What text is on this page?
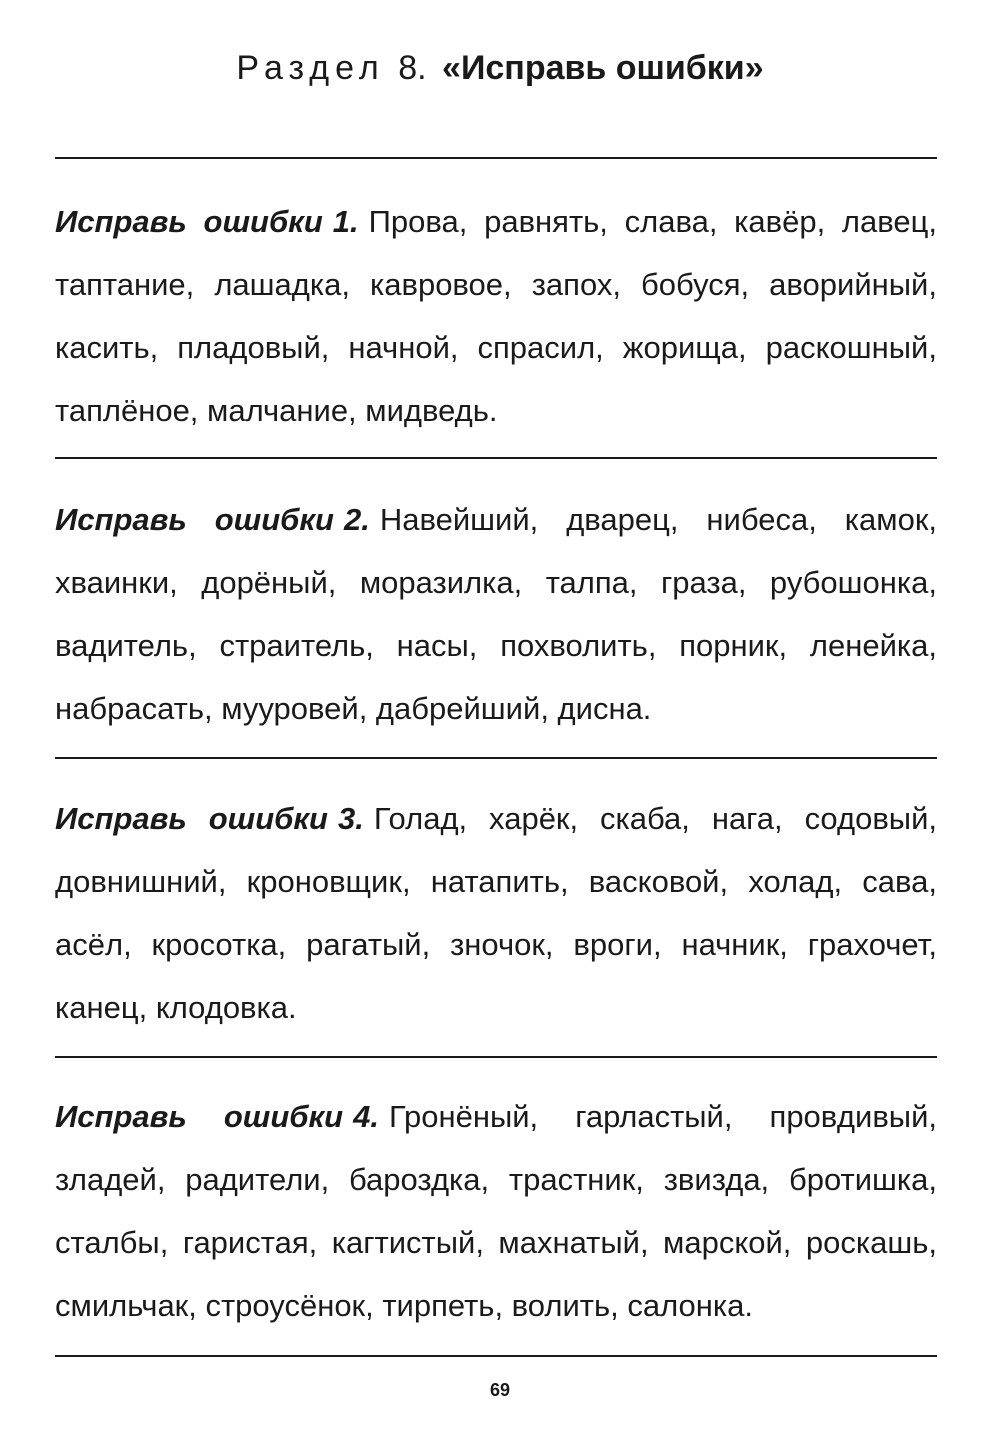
Раздел 8. «Исправь ошибки»
Исправь ошибки 1. Прова, равнять, слава, кавёр, лавец, таптание, лашадка, кавровое, запох, бобуся, аворийный, касить, пладовый, начной, спрасил, жорища, раскошный, таплёное, малчание, мидведь.
Исправь ошибки 2. Навейший, дварец, нибеса, камок, хваинки, дорёный, моразилка, талпа, граза, рубошонка, вадитель, страитель, насы, похволить, порник, ленейка, набрасать, мууровей, дабрейший, дисна.
Исправь ошибки 3. Голад, харёк, скаба, нага, содовый, довнишний, кроновщик, натапить, васковой, холад, сава, асёл, кросотка, рагатый, зночок, вроги, начник, грахочет, канец, клодовка.
Исправь ошибки 4. Гронёный, гарластый, провдивый, зладей, радители, бароздка, трастник, звизда, бротишка, сталбы, гаристая, кагтистый, махнатый, марской, роскашь, смильчак, строусёнок, тирпеть, волить, салонка.
69
